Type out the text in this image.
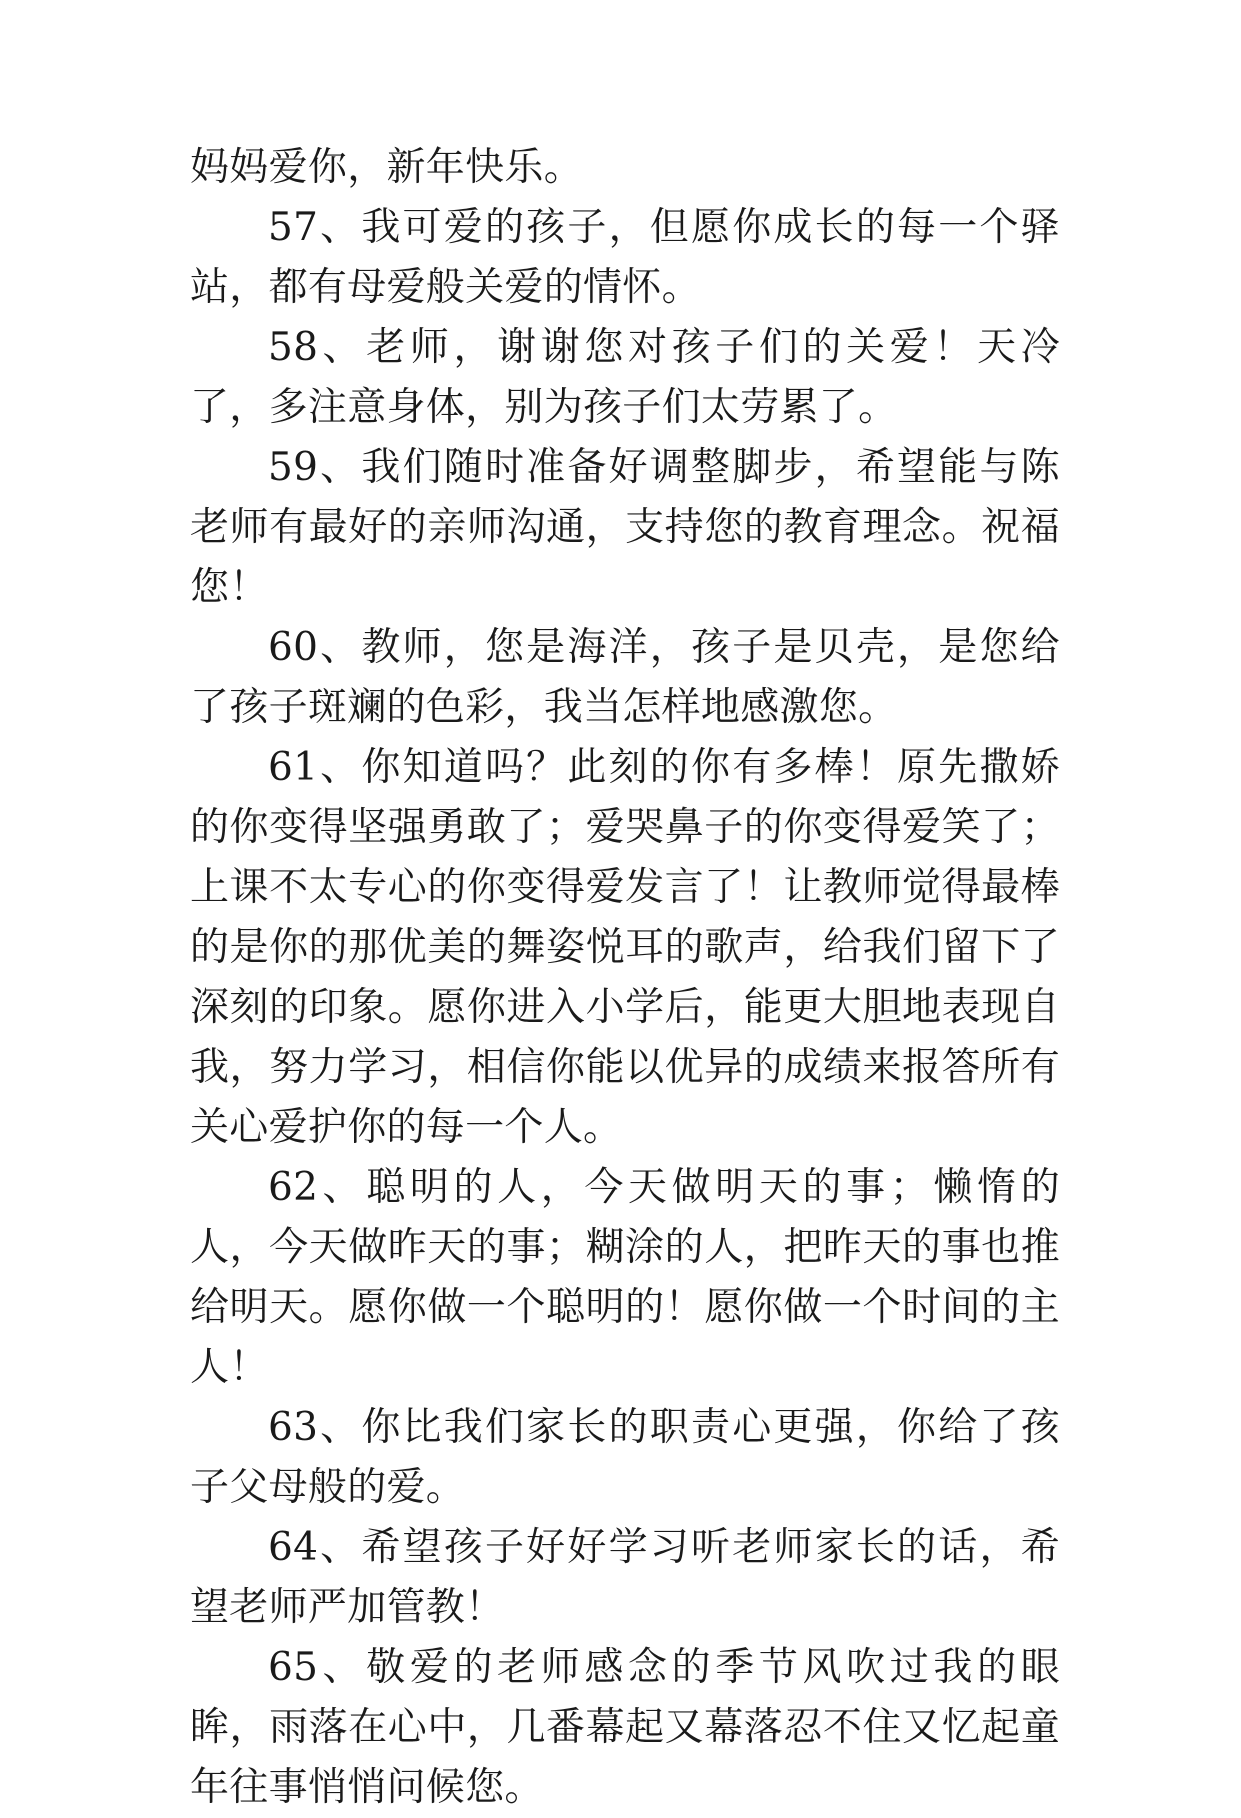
妈妈爱你，新年快乐。

57、我可爱的孩子，但愿你成长的每一个驿站，都有母爱般关爱的情怀。

58、老师，谢谢您对孩子们的关爱！天冷了，多注意身体，别为孩子们太劳累了。

59、我们随时准备好调整脚步，希望能与陈老师有最好的亲师沟通，支持您的教育理念。祝福您！

60、教师，您是海洋，孩子是贝壳，是您给了孩子斑斓的色彩，我当怎样地感激您。

61、你知道吗？此刻的你有多棒！原先撒娇的你变得坚强勇敢了；爱哭鼻子的你变得爱笑了；上课不太专心的你变得爱发言了！让教师觉得最棒的是你的那优美的舞姿悦耳的歌声，给我们留下了深刻的印象。愿你进入小学后，能更大胆地表现自我，努力学习，相信你能以优异的成绩来报答所有关心爱护你的每一个人。

62、聪明的人，今天做明天的事；懒惰的人，今天做昨天的事；糊涂的人，把昨天的事也推给明天。愿你做一个聪明的！愿你做一个时间的主人！

63、你比我们家长的职责心更强，你给了孩子父母般的爱。

64、希望孩子好好学习听老师家长的话，希望老师严加管教！

65、敬爱的老师感念的季节风吹过我的眼眸，雨落在心中，几番幕起又幕落忍不住又忆起童年往事悄悄问候您。
